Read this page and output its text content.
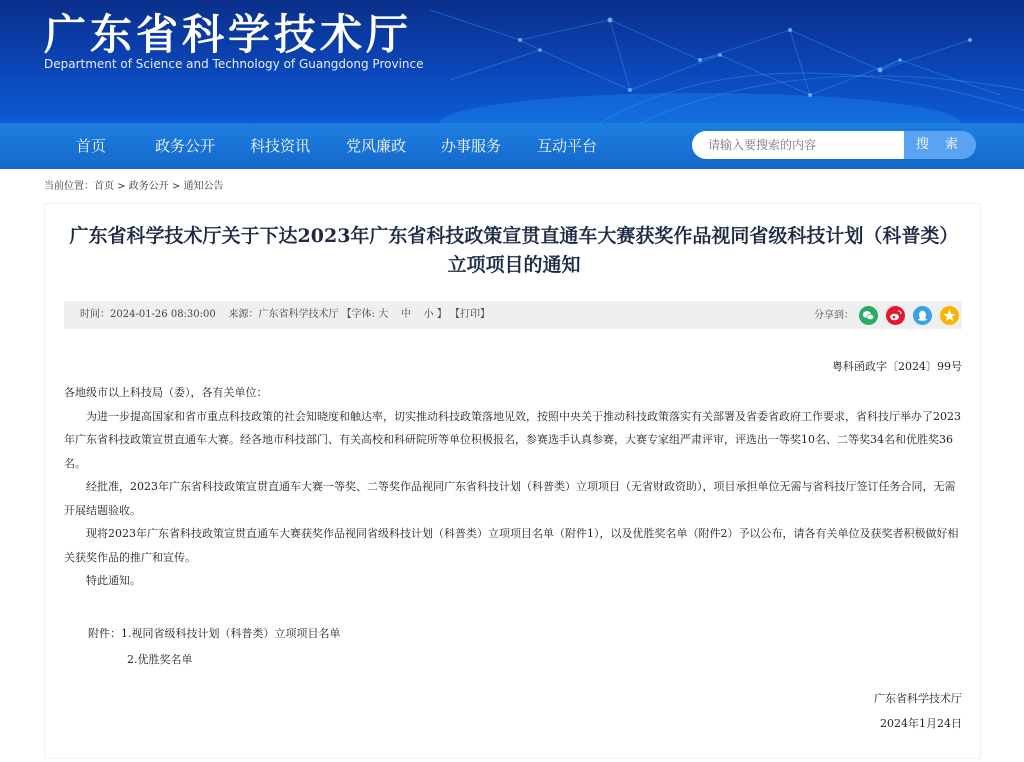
广东省科学技术厅
Department of Science and Technology of Guangdong Province
首页	政务公开 科技资讯 党风廉政 办事服务 互动平台
请输入要搜索的内容	搜 索
当前位置：首页 > 政务公开 > 通知公告
广东省科学技术厅关于下达2023年广东省科技政策宣贯直通车大赛获奖作品视同省级科技计划（科普类）立项项目的通知
时间：2024-01-26 08:30:00 来源：广东省科学技术厅 【字体: 大 中 小 】 【打印】	分享到：
粤科函政字〔2024〕99号

各地级市以上科技局（委），各有关单位：

为进一步提高国家和省市重点科技政策的社会知晓度和触达率，切实推动科技政策落地见效，按照中央关于推动科技政策落实有关部署及省委省政府工作要求，省科技厅举办了2023年广东省科技政策宣贯直通车大赛。经各地市科技部门、有关高校和科研院所等单位积极报名，参赛选手认真参赛，大赛专家组严肃评审，评选出一等奖10名、二等奖34名和优胜奖36名。

经批准，2023年广东省科技政策宣贯直通车大赛一等奖、二等奖作品视同广东省科技计划（科普类）立项项目（无省财政资助），项目承担单位无需与省科技厅签订任务合同，无需开展结题验收。

现将2023年广东省科技政策宣贯直通车大赛获奖作品视同省级科技计划（科普类）立项项目名单（附件1），以及优胜奖名单（附件2）予以公布，请各有关单位及获奖者积极做好相关获奖作品的推广和宣传。

特此通知。

附件：1.视同省级科技计划（科普类）立项项目名单
2.优胜奖名单
广东省科学技术厅
2024年1月24日
